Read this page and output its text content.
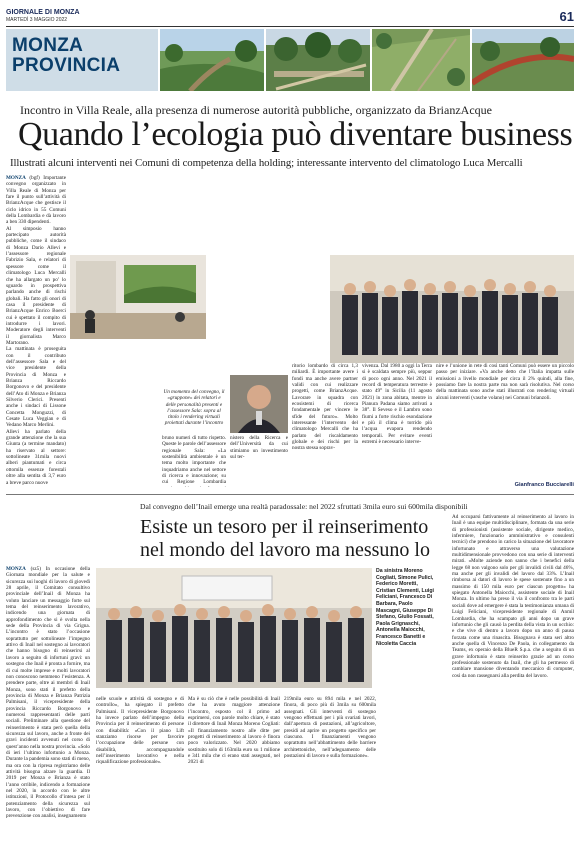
GIORNALE DI MONZA
MARTEDÌ 3 MAGGIO 2022	61
MONZA
PROVINCIA
Incontro in Villa Reale, alla presenza di numerose autorità pubbliche, organizzato da BrianzAcque
Quando l’ecologia può diventare business
Illustrati alcuni interventi nei Comuni di competenza della holding; interessante intervento del climatologo Luca Mercalli
MONZA (bgf) Importante convegno organizzato in Villa Reale di Monza per fare il punto sull’attività di BrianzAcque che gestisce il ciclo idrico in 55 Comuni della Lombardia e dà lavoro a ben 330 dipendenti.
Al simposio hanno partecipato autorità pubbliche, come il sindaco di Monza Dario Allevi e l’assessore regionale Fabrizio Sala, e relatori di spessore come il climatologo Luca Mercalli che ha allargato un po’ lo sguardo in prospettiva parlando anche di rischi globali. Ha fatto gli onori di casa il presidente di BrianzAcque Enrico Boerci cui è spettato il compito di introdurre i lavori. Moderatore degli interventi il giornalista Marco Martorano.
La mattinata è proseguita con il contributo dell’assessore Sala e del vice presidente della Provincia di Monza e Brianza Riccardo Borgonovo e del presidente dell’Ato di Monza e Brianza Silverio Clerici. Presenti anche i sindaci di Lissone Concetta Monguzzi, di Cesate Luca Veggian e di Vedano Marco Merlini.
Allevi ha parlato della grande attenzione che la sua Giunta (a termine mandato) ha riservato al settore: sottolineate 31mila nuovi alberi piantumati e circa ottomila essenze forestali oltre alla sentita di 3,7 euro a breve parco nuove
Un momento del convegno, il «gruppone» dei relatori e delle personalità presenti e l’assessore Sala: sopra al titolo i rendering virtuali proiettati durante l’incontro
bruno numeri di tutto rispetto. Queste le parole dell’assessore regionale Sala: «La sostenibilità ambientale è un tema molto importante che inquadriamo anche nel settore di ricerca e innovazione; su cui Regione Lombardia
nistero della Ricerca e dell’Università da cui stimiamo un investimento sul ter-
ritorio lombardo di circa 1,3 miliardi. È importante avere i fondi ma anche avere partner validi con cui realizzare progetti, come BrianzAcque. Lavorare in squadra con ecosistemi di ricerca fondamentale per vincere le sfide del futuro». Molto interessante l’intervento del climatologo Mercalli che ha parlato del riscaldamento globale e dei rischi per la nostra stessa soprav-
vivenza. Dal 1980 a oggi la Terra si è scaldata sempre più, seppur di poco ogni anno. Nel 2021 il record di temperatura terrestre è stato 49° in Sicilia (11 agosto 2021) in zona abitata, mentre in Pianura Padana siamo arrivati a 38°. Il Seveso e il Lambro sono fiumi a forte rischio esondazione e più il clima è torrido più l’acqua evapora rendendo temporali. Per evitare eventi estremi è necessario interve-
nire e l’unione in rete di così tanti Comuni può essere un piccolo passo per iniziare. «Va anche detto che l’Italia impatta sulle emissioni a livello mondiale per circa il 2% quindi, alla fine, possiamo fare la nostra parte ma non sarà risolutiva. Nel corso della mattinata sono anche stati illustrati con rendering virtuali alcuni interventi (vasche volano) nei Comuni brianzoli.
Gianfranco Bucciarelli
Dal convegno dell’Inail emerge una realtà paradossale: nel 2022 sfruttati 3mila euro sui 600mila disponibili
Esiste un tesoro per il reinserimento nel mondo del lavoro ma nessuno lo
MONZA (sz5) In occasione della Giornata mondiale per la salute e sicurezza sui luoghi di lavoro di giovedì 28 aprile, il Comitato consultivo provinciale dell’Inail di Monza ha voluto lanciare un messaggio forte sul tema del reinserimento lavorativo, indicendo una giornata di approfondimento che si è svolta nella sede della Provincia di via Grigna. L’incontro è stato l’occasione soprattutto per sottolineare l’impegno attivo di Inail nel sostegno ai lavoratori che hanno bisogno di reinserirsi al lavoro a seguito di infortuni gravi: un sostegno che Inail è pronta a fornire, ma di cui molte imprese e molti lavoratori non conoscono nemmeno l’esistenza. A prendere parte, oltre ai membri di Inail Monza, sono stati il prefetto della provincia di Monza e Brianza Patrizia Palmisani, il vicepresidente della provincia Riccardo Borgonovo e numerosi rappresentanti delle parti sociali. Preliminare alla questione del reinserimento è stata però quella della sicurezza sul lavoro, anche a fronte dei gravi incidenti avvenuti nel corso di quest’anno nella nostra provincia. «Solo di ieri l’ultimo infortunio a Monza. Durante la pandemia sono stati di meno, ma ora con la ripresa registriamo delle attività bisogna alzare la guardia. Il 2019 per Monza e Brianza è stato l’anno orribile, indicendo a formazione nel 2020, in accordo con le altre istituzioni, il Protocollo d’intesa per il potenziamento della sicurezza sul lavoro, con l’obiettivo di fare prevenzione con analisi, insegnamento
Da sinistra Moreno Cogliati, Simone Pulici, Federico Moretti, Cristian Clementi, Luigi Feliciani, Francesco Di Barbara, Paolo Mascagni, Giuseppe Di Stefano, Giulio Fossati, Paola Grignaschi, Antonella Maiocchi, Francesco Banetti e Nicoletta Caccia
nelle scuole e attività di sostegno e di controllo», ha spiegato il prefetto Palmisani. Il vicepresidente Borgonovo ha invece parlato dell’impegno della Provincia per il reinserimento di persone con disabilità: «Con il piano Lift stanziamo risorse per favorire l’occupazione delle persone con disabilità, accompagnandole nell’inserimento lavorativo e nella riqualificazione professionale».
Ma è su ciò che è nelle possibilità di Inail che ha avuto maggiore attenzione l’incontro, esposto col il primo ad esprimersi, con parole molto chiare, è stato il direttore di Inail Monza Moreno Cogliati: «Il finanziamento nostro alle ditte per progetti di reinserimento al lavoro è finora poco valorizzato. Nel 2020 abbiamo sostituito solo di 163mila euro su 1 milione e 341 mila che ci erano stati assegnati, nel 2021 di
219mila euro su 894 mila e nel 2022, finora, di poco più di 3mila su 600mila assegnati. Gli interventi di sostegno vengono effettuati per i più svariati lavori, dall’apertura di postazioni, all’agricoltore, presidi ad aprire un progetto specifico per ciascuno. I finanziamenti vengono soprattutto nell’abbattimento delle barriere architettoniche, nell’adeguamento delle postazioni di lavoro e sulla formazione».
Ad occuparsi fattivamente al reinserimento al lavoro in Inail è una equipe multidisciplinare, formata da una serie di professionisti (assistente sociale, dirigente medico, infermiere, funzionario amministrativo e consulenti tecnici) che prendono in carico la situazione del lavoratore infortunato e attraverso una valutazione multidimensionale provvedono con una serie di interventi mirati. «Molte aziende non sanno che i benefici della legge 68 non valgono solo per gli invalidi civili dal 46%, ma anche per gli invalidi del lavoro dal 33%. L’Inail rimborsa ai datori di lavoro le spese sostenute fino a un massimo di 150 mila euro per ciascun progetto» ha spiegato Antonella Maiocchi, assistente sociale di Inail Monza. In ultimo ha preso il via il confronto tra le parti sociali dove ad emergere è stata la testimonianza umana di Luigi Feliciani, vicepresidente regionale di Anmil Lombardia, che ha scampato gli anni dopo un grave infortunio che gli causò la perdita della vista in un occhio: e che vive di dentro a lavoro dopo un anno di pausa forzata come una rinascita. Bisognava è stata seri altro anche quella di Vincenzo De Paola, in collegamento da Teams, ex operaio della BlueR S.p.a. che a seguito di un grave infortunio è stato reinserito grazie ad un corso professionale sostenuto da Inail, che gli ha permesso di cambiare mansione diventando meccanico di computer, così da non rassegnarsi alla perdita del lavoro.
